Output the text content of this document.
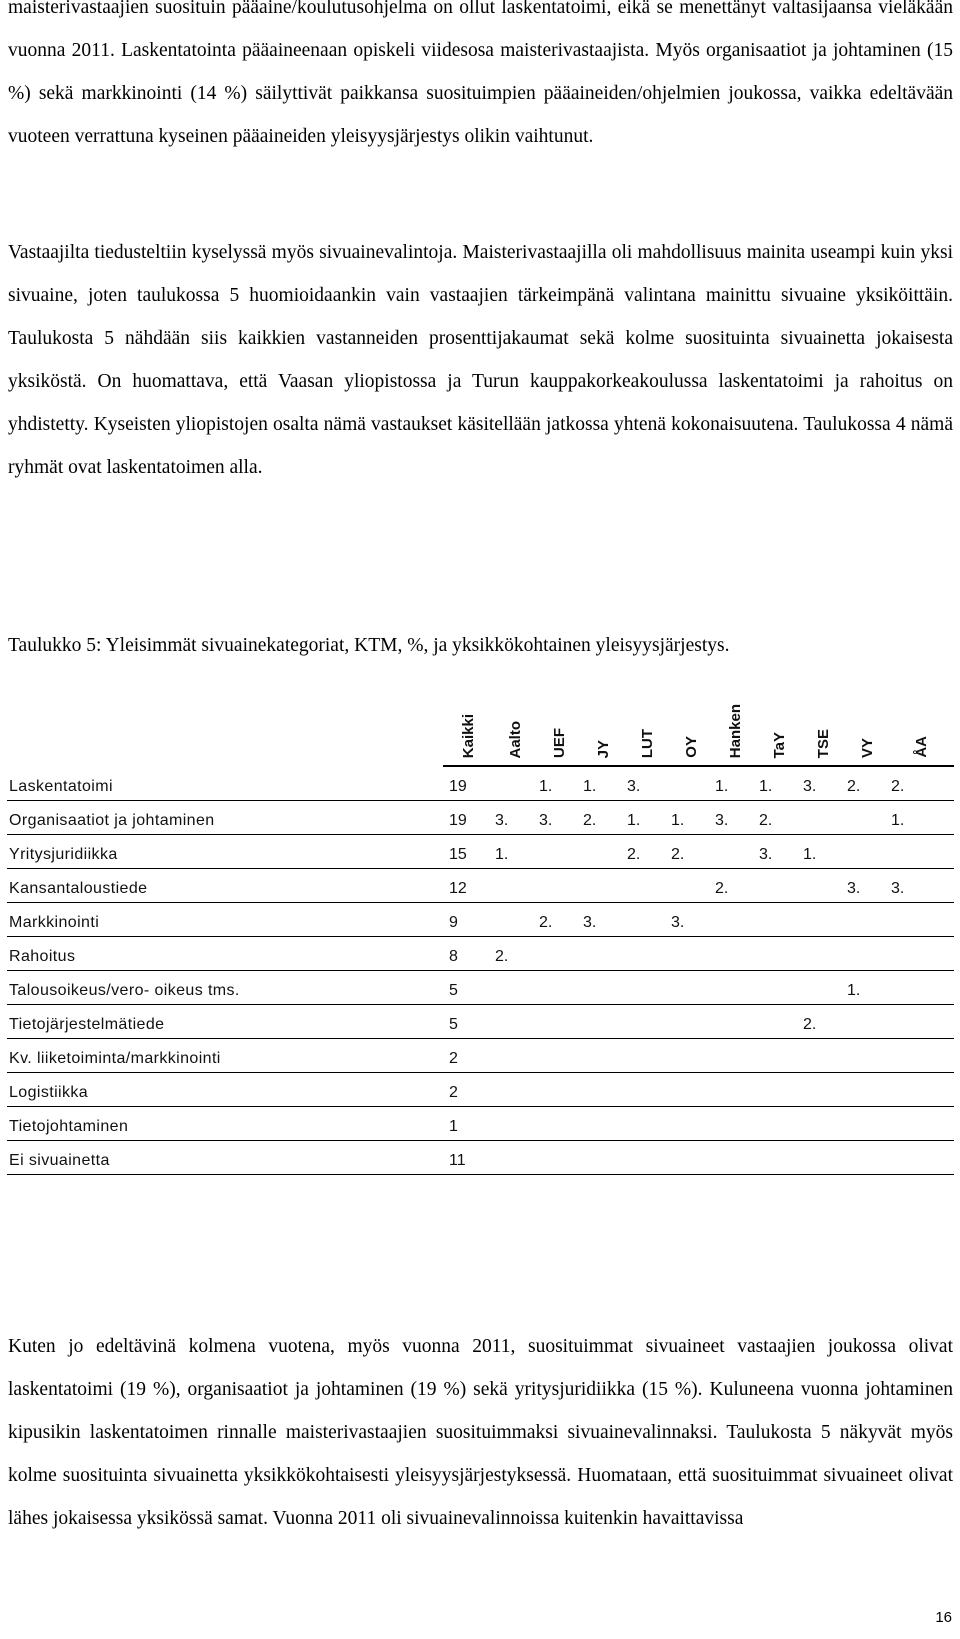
maisterivastaajien suosituin pääaine/koulutusohjelma on ollut laskentatoimi, eikä se menettänyt valtasijaansa vieläkään vuonna 2011. Laskentatointa pääaineenaan opiskeli viidesosa maisterivastaajista. Myös organisaatiot ja johtaminen (15 %) sekä markkinointi (14 %) säilyttivät paikkansa suosituimpien pääaineiden/ohjelmien joukossa, vaikka edeltävään vuoteen verrattuna kyseinen pääaineiden yleisyysjärjestys olikin vaihtunut.

Vastaajilta tiedusteltiin kyselyssä myös sivuainevalintoja. Maisterivastaajilla oli mahdollisuus mainita useampi kuin yksi sivuaine, joten taulukossa 5 huomioidaankin vain vastaajien tärkeimpänä valintana mainittu sivuaine yksiköittäin. Taulukosta 5 nähdään siis kaikkien vastanneiden prosenttijakaumat sekä kolme suosituinta sivuainetta jokaisesta yksiköstä. On huomattava, että Vaasan yliopistossa ja Turun kauppakorkeakoulussa laskentatoimi ja rahoitus on yhdistetty. Kyseisten yliopistojen osalta nämä vastaukset käsitellään jatkossa yhtenä kokonaisuutena. Taulukossa 4 nämä ryhmät ovat laskentatoimen alla.

Taulukko 5: Yleisimmät sivuainekategoriat, KTM, %, ja yksikkökohtainen yleisyysjärjestys.

	Kaikki	Aalto	UEF	JY	LUT	OY	Hanken	TaY	TSE	VY	ÅA
Laskentatoimi	19		1.	1.	3.		1.	1.	3.	2.	2.
Organisaatiot ja johtaminen	19	3.	3.	2.	1.	1.	3.	2.			1.
Yritysjuridiikka	15	1.			2.	2.		3.	1.		
Kansantaloustiede	12						2.			3.	3.
Markkinointi	9		2.	3.		3.					
Rahoitus	8	2.									
Talousoikeus/vero- oikeus tms.	5									1.	
Tietojärjestelmätiede	5								2.		
Kv. liiketoiminta/markkinointi	2										
Logistiikka	2										
Tietojohtaminen	1										
Ei sivuainetta	11										

Kuten jo edeltävinä kolmena vuotena, myös vuonna 2011, suosituimmat sivuaineet vastaajien joukossa olivat laskentatoimi (19 %), organisaatiot ja johtaminen (19 %) sekä yritysjuridiikka (15 %). Kuluneena vuonna johtaminen kipusikin laskentatoimen rinnalle maisterivastaajien suosituimmaksi sivuainevalinnaksi. Taulukosta 5 näkyvät myös kolme suosituinta sivuainetta yksikkökohtaisesti yleisyysjärjestyksessä. Huomataan, että suosituimmat sivuaineet olivat lähes jokaisessa yksikössä samat. Vuonna 2011 oli sivuainevalinnoissa kuitenkin havaittavissa

16
